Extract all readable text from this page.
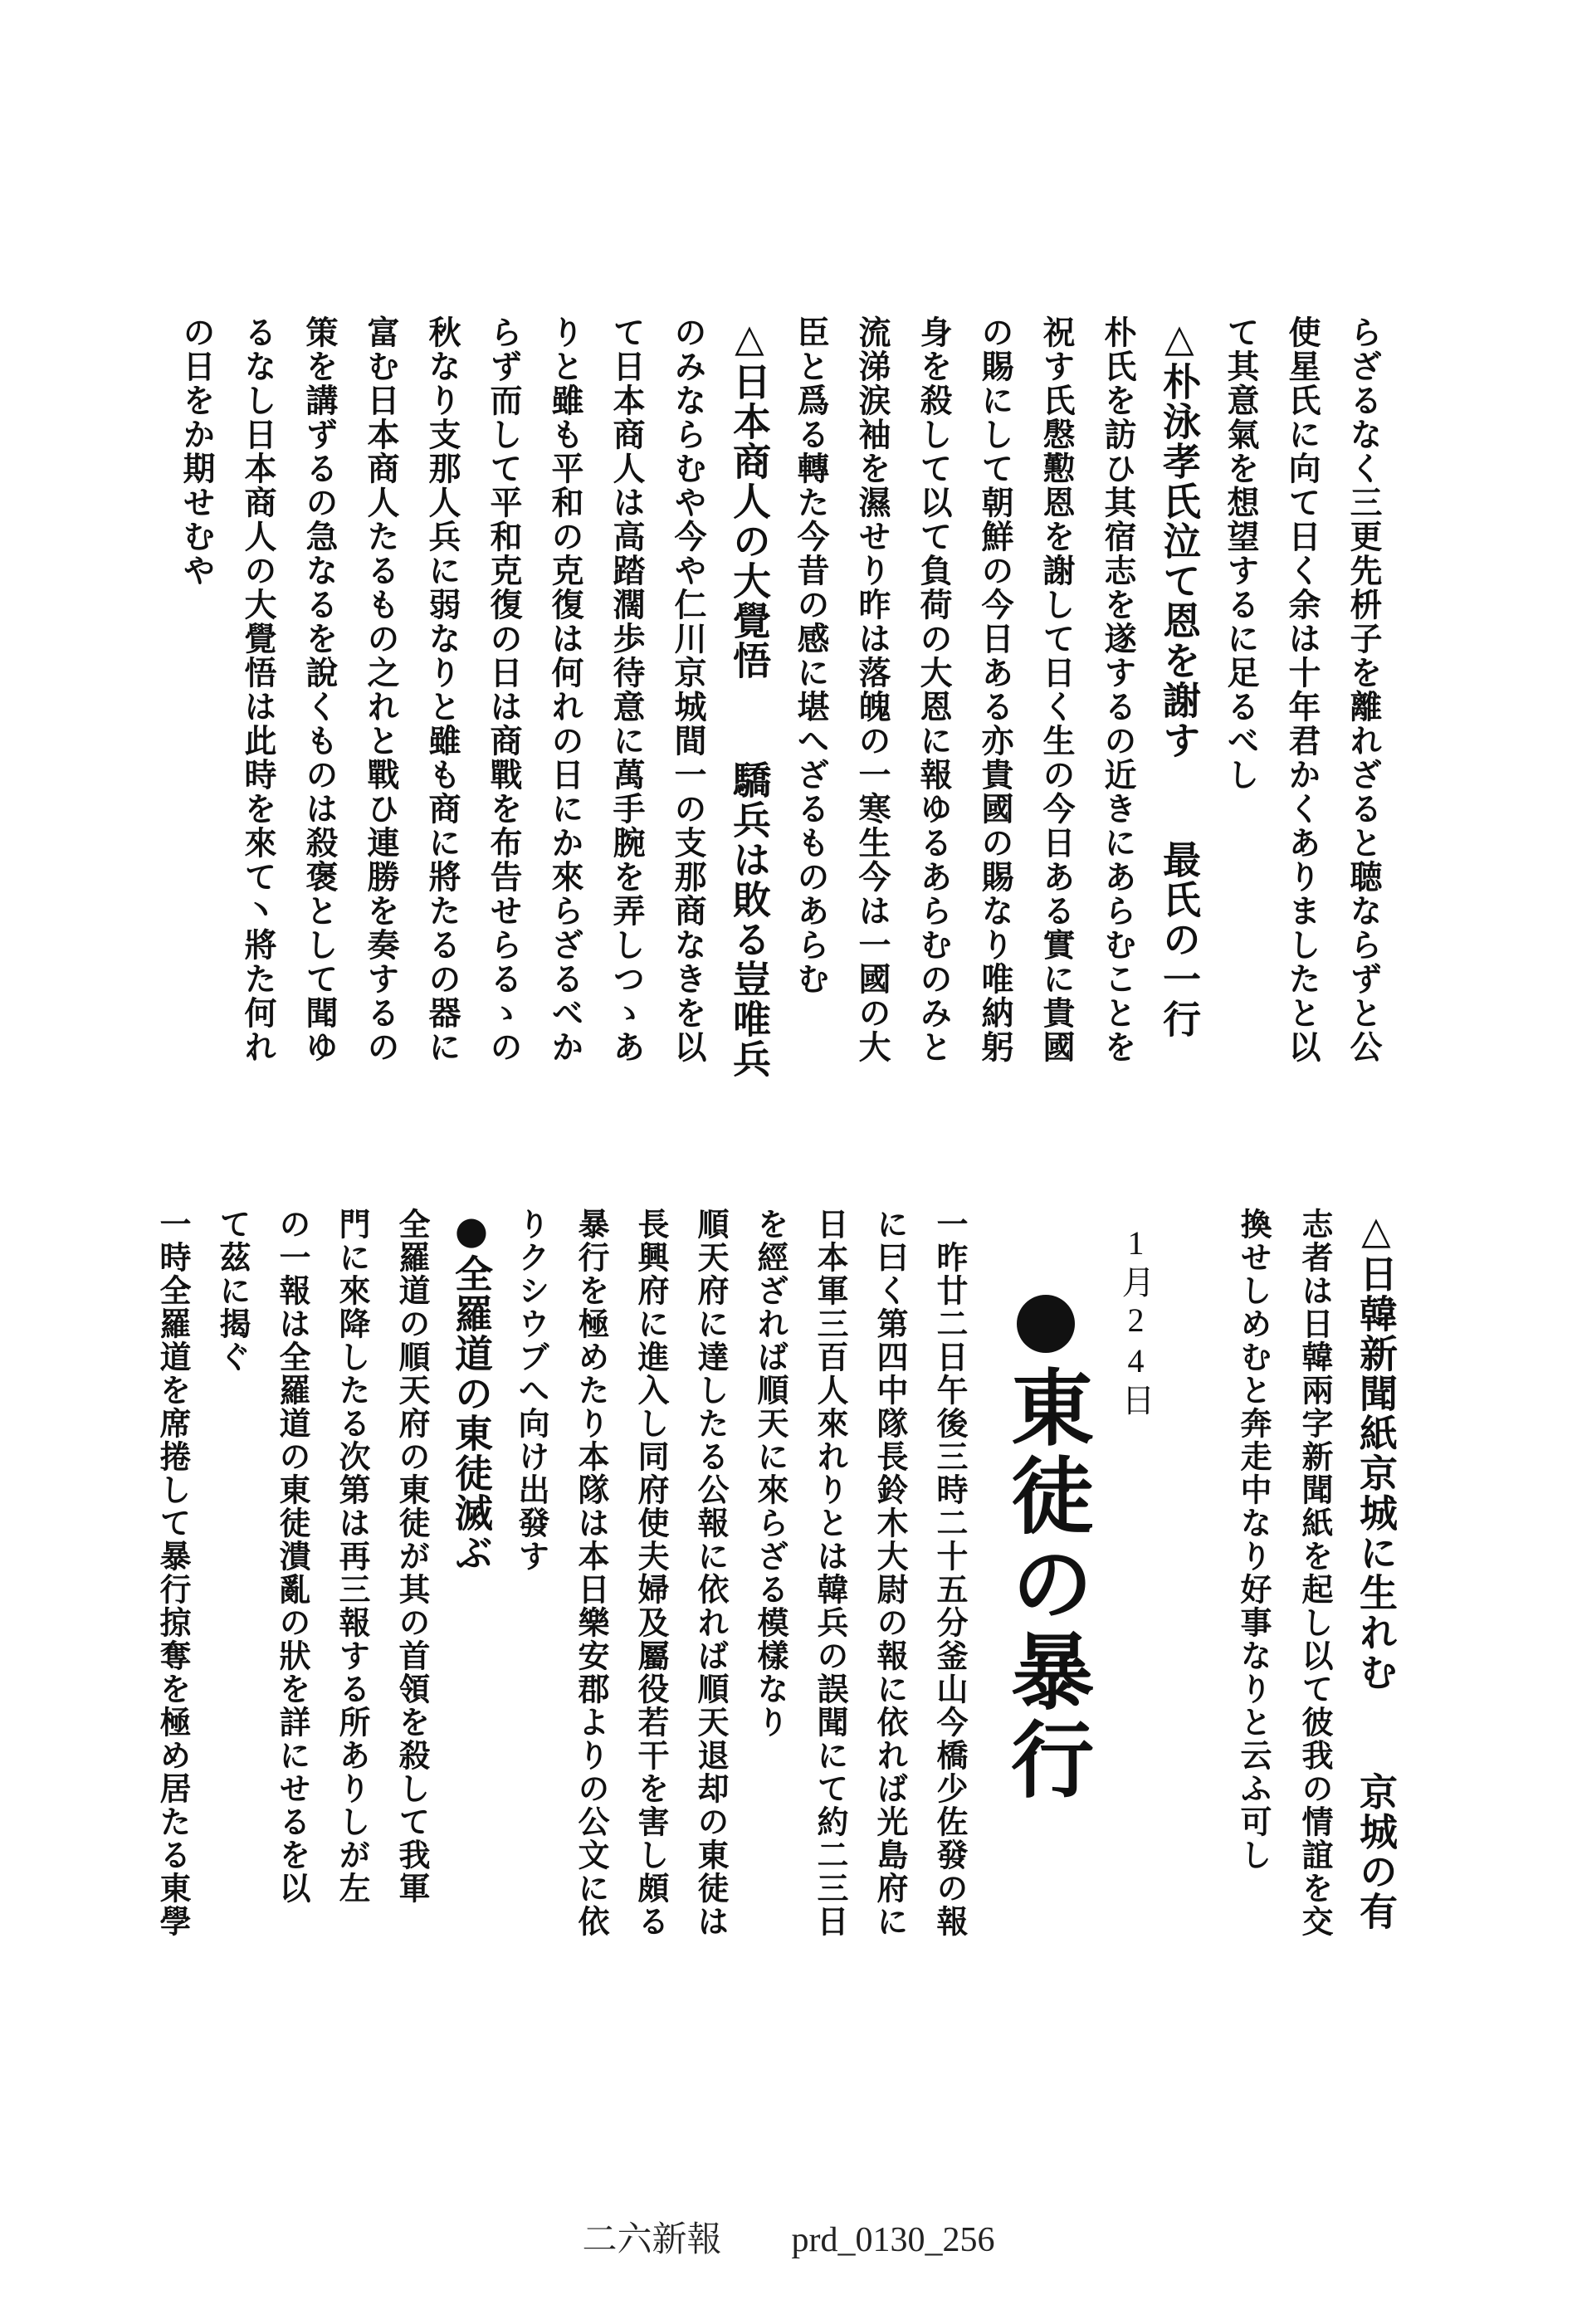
らざるなく三更先枡子を離れざると聴ならずと公
使星氏に向て日く余は十年君かくありましたと以
て其意氣を想望するに足るべし
△朴泳孝氏泣て恩を謝す　　最氏の一行
朴氏を訪ひ其宿志を遂するの近きにあらむことを
祝す氏慇懃恩を謝して日く生の今日ある實に貴國
の賜にして朝鮮の今日ある亦貴國の賜なり唯納躬
身を殺して以て負荷の大恩に報ゆるあらむのみと
流涕涙袖を濕せり昨は落魄の一寒生今は一國の大
臣と爲る轉た今昔の感に堪へざるものあらむ
△日本商人の大覺悟　　驕兵は敗る豈唯兵
のみならむや今や仁川京城間一の支那商なきを以
て日本商人は高踏濶歩待意に萬手腕を弄しつゝあ
りと雖も平和の克復は何れの日にか來らざるべか
らず而して平和克復の日は商戰を布告せらるゝの
秋なり支那人兵に弱なりと雖も商に將たるの器に
富む日本商人たるもの之れと戰ひ連勝を奏するの
策を講ずるの急なるを說くものは殺褒として聞ゆ
るなし日本商人の大覺悟は此時を來て丶將た何れ
の日をか期せむや
△日韓新聞紙京城に生れむ　　京城の有
志者は日韓兩字新聞紙を起し以て彼我の情誼を交
換せしめむと奔走中なり好事なりと云ふ可し
1月24日
東徒の暴行
一昨廿二日午後三時二十五分釜山今橋少佐發の報
に曰く第四中隊長鈴木大尉の報に依れば光島府に
日本軍三百人來れりとは韓兵の誤聞にて約二三日
を經ざれば順天に來らざる模樣なり
順天府に達したる公報に依れば順天退却の東徒は
長興府に進入し同府使夫婦及屬役若干を害し頗る
暴行を極めたり本隊は本日樂安郡よりの公文に依
りクシウブへ向け出發す
●全羅道の東徒滅ぶ
全羅道の順天府の東徒が其の首領を殺して我軍
門に來降したる次第は再三報する所ありしが左
の一報は全羅道の東徒潰亂の狀を詳にせるを以
て茲に揭ぐ
一時全羅道を席捲して暴行掠奪を極め居たる東學
二六新報　　prd_0130_256
